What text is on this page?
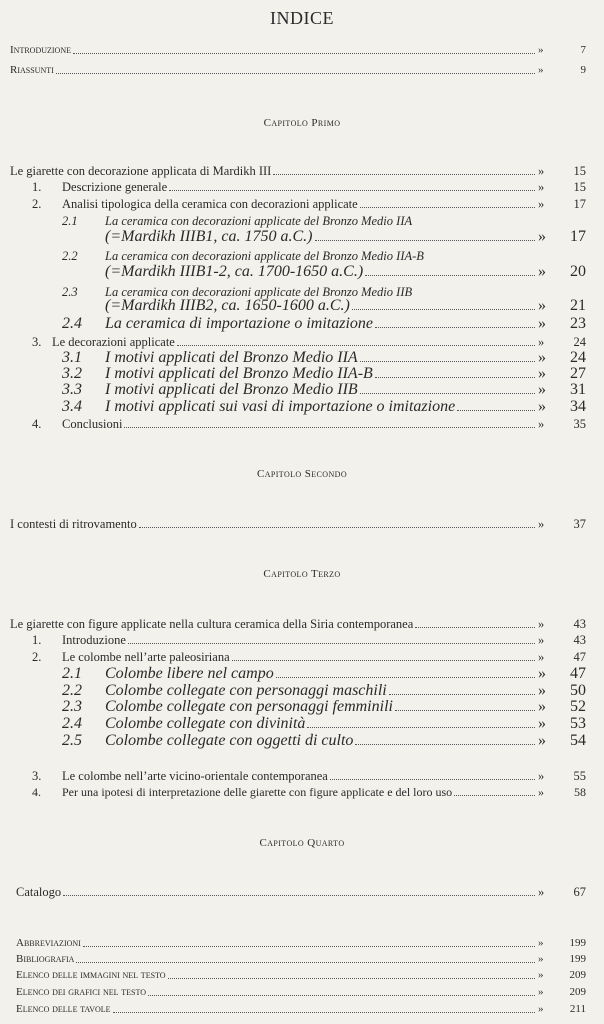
INDICE
Introduzione	»	7
Riassunti	»	9
Capitolo Primo
Le giarette con decorazione applicata di Mardikh III	»	15
1.	Descrizione generale	»	15
2.	Analisi tipologica della ceramica con decorazioni applicate	»	17
2.1 La ceramica con decorazioni applicate del Bronzo Medio IIA
(=Mardikh IIIB1, ca. 1750 a.C.)	»	17
2.2 La ceramica con decorazioni applicate del Bronzo Medio IIA-B
(=Mardikh IIIB1-2, ca. 1700-1650 a.C.)	»	20
2.3 La ceramica con decorazioni applicate del Bronzo Medio IIB
(=Mardikh IIIB2, ca. 1650-1600 a.C.)	»	21
2.4	La ceramica di importazione o imitazione	»	23
3. Le decorazioni applicate	»	24
3.1	I motivi applicati del Bronzo Medio IIA	»	24
3.2	I motivi applicati del Bronzo Medio IIA-B	»	27
3.3	I motivi applicati del Bronzo Medio IIB	»	31
3.4	I motivi applicati sui vasi di importazione o imitazione	»	34
4.	Conclusioni	»	35
Capitolo Secondo
I contesti di ritrovamento	»	37
Capitolo Terzo
Le giarette con figure applicate nella cultura ceramica della Siria contemporanea	»	43
1.	Introduzione	»	43
2.	Le colombe nell’arte paleosiriana	»	47
2.1	Colombe libere nel campo	»	47
2.2	Colombe collegate con personaggi maschili	»	50
2.3	Colombe collegate con personaggi femminili	»	52
2.4	Colombe collegate con divinità	»	53
2.5	Colombe collegate con oggetti di culto	»	54
3.	Le colombe nell’arte vicino-orientale contemporanea	»	55
4.	Per una ipotesi di interpretazione delle giarette con figure applicate e del loro uso	»	58
Capitolo Quarto
Catalogo	»	67
Abbreviazioni	»	199
Bibliografia	»	199
Elenco delle immagini nel testo	»	209
Elenco dei grafici nel testo	»	209
Elenco delle tavole	»	211
